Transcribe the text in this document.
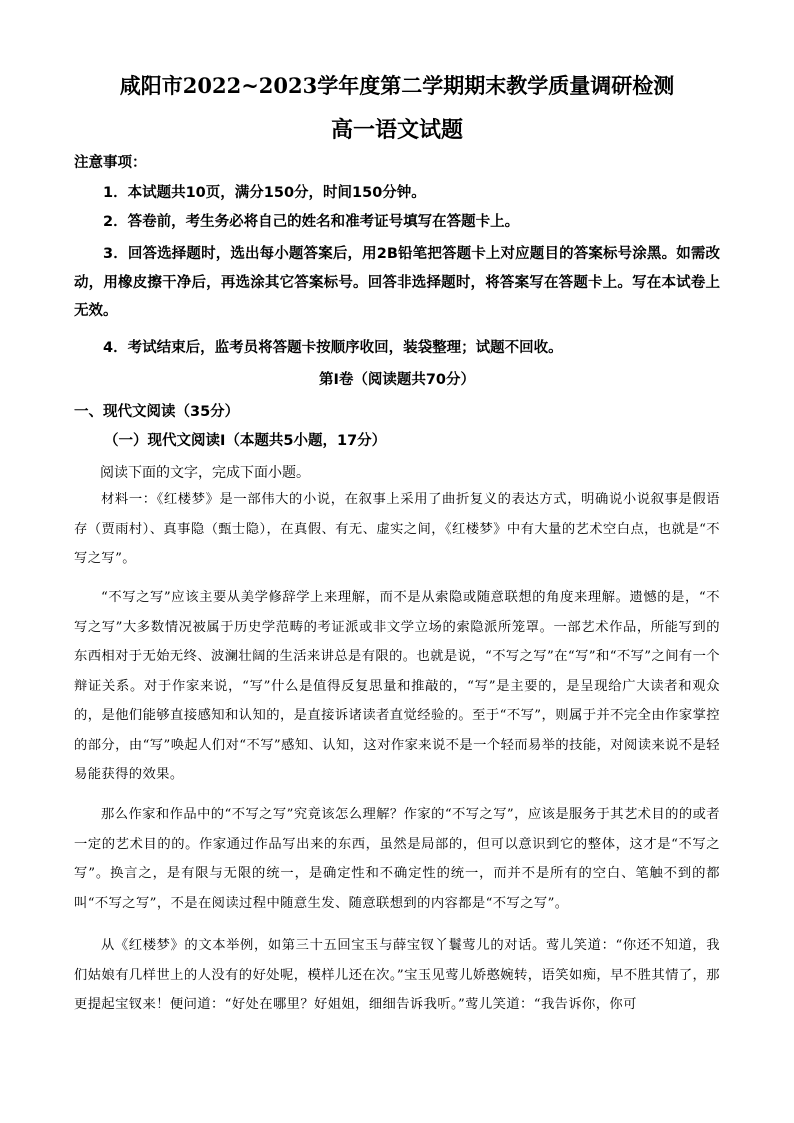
咸阳市2022~2023学年度第二学期期末教学质量调研检测
高一语文试题
注意事项：
1．本试题共10页，满分150分，时间150分钟。
2．答卷前，考生务必将自己的姓名和准考证号填写在答题卡上。
3．回答选择题时，选出每小题答案后，用2B铅笔把答题卡上对应题目的答案标号涂黑。如需改动，用橡皮擦干净后，再选涂其它答案标号。回答非选择题时，将答案写在答题卡上。写在本试卷上无效。
4．考试结束后，监考员将答题卡按顺序收回，装袋整理；试题不回收。
第Ⅰ卷（阅读题共70分）
一、现代文阅读（35分）
（一）现代文阅读Ⅰ（本题共5小题，17分）
阅读下面的文字，完成下面小题。
材料一：《红楼梦》是一部伟大的小说，在叙事上采用了曲折复义的表达方式，明确说小说叙事是假语存（贾雨村）、真事隐（甄士隐），在真假、有无、虚实之间，《红楼梦》中有大量的艺术空白点，也就是“不写之写”。
“不写之写”应该主要从美学修辞学上来理解，而不是从索隐或随意联想的角度来理解。遗憾的是，“不写之写”大多数情况被属于历史学范畴的考证派或非文学立场的索隐派所笼罩。一部艺术作品，所能写到的东西相对于无始无终、波澜壮阔的生活来讲总是有限的。也就是说，“不写之写”在“写”和“不写”之间有一个辩证关系。对于作家来说，“写”什么是值得反复思量和推敲的，“写”是主要的，是呈现给广大读者和观众的，是他们能够直接感知和认知的，是直接诉诸读者直觉经验的。至于“不写”，则属于并不完全由作家掌控的部分，由“写”唤起人们对“不写”感知、认知，这对作家来说不是一个轻而易举的技能，对阅读来说不是轻易能获得的效果。
那么作家和作品中的“不写之写”究竟该怎么理解？作家的“不写之写”，应该是服务于其艺术目的的或者一定的艺术目的的。作家通过作品写出来的东西，虽然是局部的，但可以意识到它的整体，这才是“不写之写”。换言之，是有限与无限的统一，是确定性和不确定性的统一，而并不是所有的空白、笔触不到的都叫“不写之写”，不是在阅读过程中随意生发、随意联想到的内容都是“不写之写”。
从《红楼梦》的文本举例，如第三十五回宝玉与薛宝钗丫鬟莺儿的对话。莺儿笑道：“你还不知道，我们姑娘有几样世上的人没有的好处呢，模样儿还在次。”宝玉见莺儿娇憨婉转，语笑如痴，早不胜其情了，那更提起宝钗来！便问道：“好处在哪里？好姐姐，细细告诉我听。”莺儿笑道：“我告诉你，你可
